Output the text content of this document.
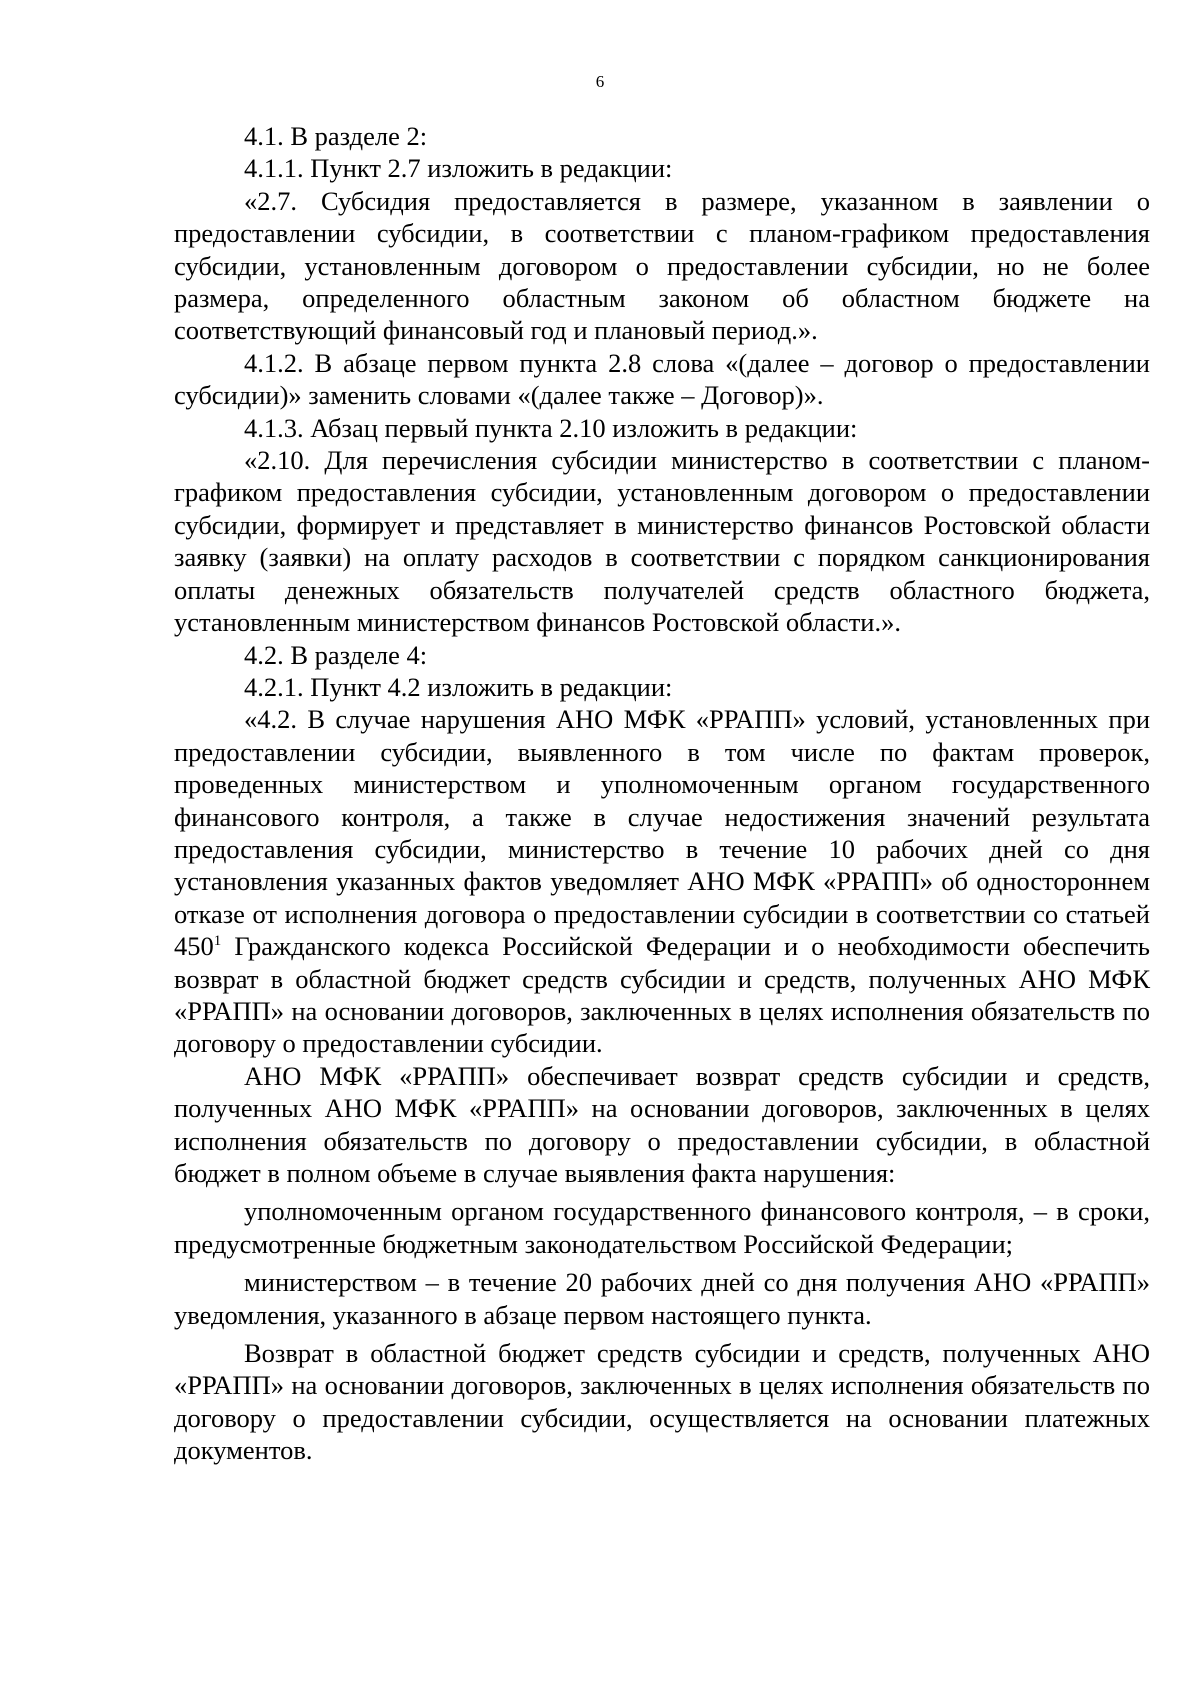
6

4.1. В разделе 2:

4.1.1. Пункт 2.7 изложить в редакции:

«2.7. Субсидия предоставляется в размере, указанном в заявлении о предоставлении субсидии, в соответствии с планом-графиком предоставления субсидии, установленным договором о предоставлении субсидии, но не более размера, определенного областным законом об областном бюджете на соответствующий финансовый год и плановый период.».

4.1.2. В абзаце первом пункта 2.8 слова «(далее – договор о предоставлении субсидии)» заменить словами «(далее также – Договор)».

4.1.3. Абзац первый пункта 2.10 изложить в редакции:

«2.10. Для перечисления субсидии министерство в соответствии с планом-графиком предоставления субсидии, установленным договором о предоставлении субсидии, формирует и представляет в министерство финансов Ростовской области заявку (заявки) на оплату расходов в соответствии с порядком санкционирования оплаты денежных обязательств получателей средств областного бюджета, установленным министерством финансов Ростовской области.».

4.2. В разделе 4:

4.2.1. Пункт 4.2 изложить в редакции:

«4.2. В случае нарушения АНО МФК «РРАПП» условий, установленных при предоставлении субсидии, выявленного в том числе по фактам проверок, проведенных министерством и уполномоченным органом государственного финансового контроля, а также в случае недостижения значений результата предоставления субсидии, министерство в течение 10 рабочих дней со дня установления указанных фактов уведомляет АНО МФК «РРАПП» об одностороннем отказе от исполнения договора о предоставлении субсидии в соответствии со статьей $450^1$ Гражданского кодекса Российской Федерации и о необходимости обеспечить возврат в областной бюджет средств субсидии и средств, полученных АНО МФК «РРАПП» на основании договоров, заключенных в целях исполнения обязательств по договору о предоставлении субсидии.

АНО МФК «РРАПП» обеспечивает возврат средств субсидии и средств, полученных АНО МФК «РРАПП» на основании договоров, заключенных в целях исполнения обязательств по договору о предоставлении субсидии, в областной бюджет в полном объеме в случае выявления факта нарушения:

уполномоченным органом государственного финансового контроля, – в сроки, предусмотренные бюджетным законодательством Российской Федерации;

министерством – в течение 20 рабочих дней со дня получения АНО «РРАПП» уведомления, указанного в абзаце первом настоящего пункта.

Возврат в областной бюджет средств субсидии и средств, полученных АНО «РРАПП» на основании договоров, заключенных в целях исполнения обязательств по договору о предоставлении субсидии, осуществляется на основании платежных документов.
